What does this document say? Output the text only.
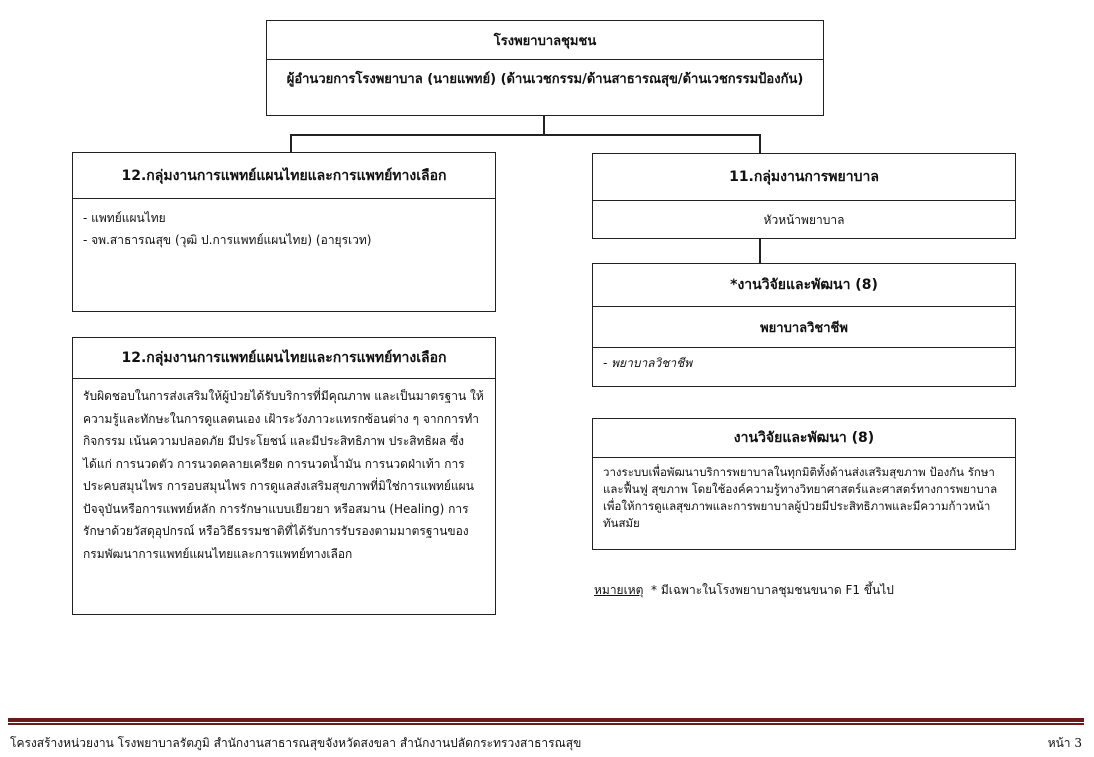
โรงพยาบาลชุมชน
ผู้อำนวยการโรงพยาบาล (นายแพทย์) (ด้านเวชกรรม/ด้านสาธารณสุข/ด้านเวชกรรมป้องกัน)
12.กลุ่มงานการแพทย์แผนไทยและการแพทย์ทางเลือก
- แพทย์แผนไทย
- จพ.สาธารณสุข (วุฒิ ป.การแพทย์แผนไทย) (อายุรเวท)
12.กลุ่มงานการแพทย์แผนไทยและการแพทย์ทางเลือก
รับผิดชอบในการส่งเสริมให้ผู้ป่วยได้รับบริการที่มีคุณภาพ และเป็นมาตรฐาน ให้ความรู้และทักษะในการดูแลตนเอง เฝ้าระวังภาวะแทรกซ้อนต่าง ๆ จากการทำกิจกรรม เน้นความปลอดภัย มีประโยชน์ และมีประสิทธิภาพ ประสิทธิผล ซึ่งได้แก่ การนวดตัว การนวดคลายเครียด การนวดน้ำมัน การนวดฝ่าเท้า การประคบสมุนไพร การอบสมุนไพร การดูแลส่งเสริมสุขภาพที่มิใช่การแพทย์แผนปัจจุบันหรือการแพทย์หลัก การรักษาแบบเยียวยา หรือสมาน (Healing) การรักษาด้วยวัสดุอุปกรณ์ หรือวิธีธรรมชาติที่ได้รับการรับรองตามมาตรฐานของกรมพัฒนาการแพทย์แผนไทยและการแพทย์ทางเลือก
11.กลุ่มงานการพยาบาล
หัวหน้าพยาบาล
*งานวิจัยและพัฒนา (8)
พยาบาลวิชาชีพ
- พยาบาลวิชาชีพ
งานวิจัยและพัฒนา (8)
วางระบบเพื่อพัฒนาบริการพยาบาลในทุกมิติทั้งด้านส่งเสริมสุขภาพ ป้องกัน รักษา และฟื้นฟู สุขภาพ โดยใช้องค์ความรู้ทางวิทยาศาสตร์และศาสตร์ทางการพยาบาลเพื่อให้การดูแลสุขภาพและการพยาบาลผู้ป่วยมีประสิทธิภาพและมีความก้าวหน้าทันสมัย
หมายเหตุ * มีเฉพาะในโรงพยาบาลชุมชนขนาด F1 ขึ้นไป
โครงสร้างหน่วยงาน โรงพยาบาลรัตภูมิ สำนักงานสาธารณสุขจังหวัดสงขลา สำนักงานปลัดกระทรวงสาธารณสุข	หน้า 3
